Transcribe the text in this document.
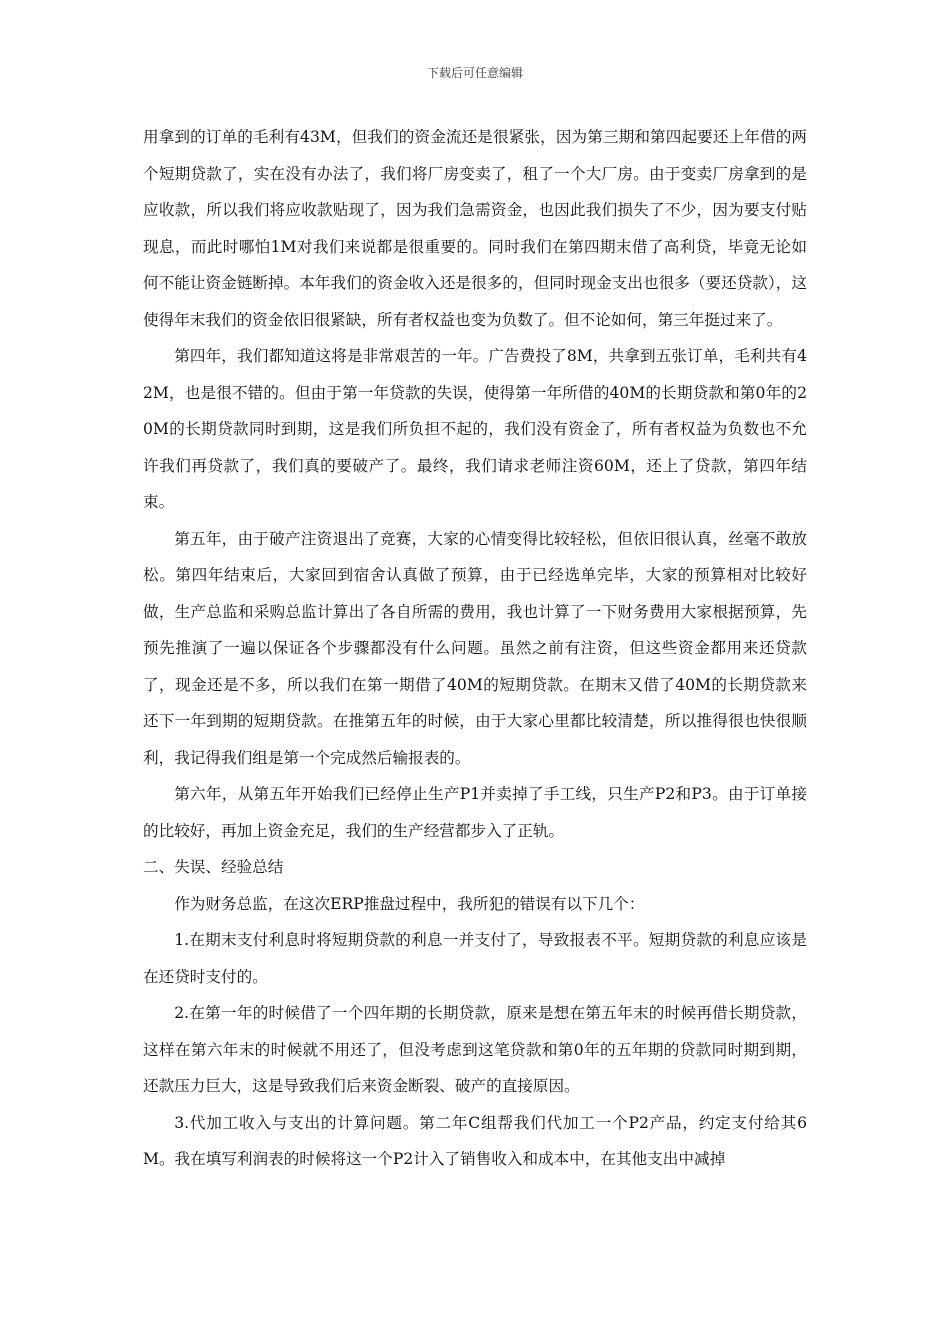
下载后可任意编辑

用拿到的订单的毛利有43M，但我们的资金流还是很紧张，因为第三期和第四起要还上年借的两个短期贷款了，实在没有办法了，我们将厂房变卖了，租了一个大厂房。由于变卖厂房拿到的是应收款，所以我们将应收款贴现了，因为我们急需资金，也因此我们损失了不少，因为要支付贴现息，而此时哪怕1M对我们来说都是很重要的。同时我们在第四期末借了高利贷，毕竟无论如何不能让资金链断掉。本年我们的资金收入还是很多的，但同时现金支出也很多（要还贷款），这使得年末我们的资金依旧很紧缺，所有者权益也变为负数了。但不论如何，第三年挺过来了。

第四年，我们都知道这将是非常艰苦的一年。广告费投了8M，共拿到五张订单，毛利共有42M，也是很不错的。但由于第一年贷款的失误，使得第一年所借的40M的长期贷款和第0年的20M的长期贷款同时到期，这是我们所负担不起的，我们没有资金了，所有者权益为负数也不允许我们再贷款了，我们真的要破产了。最终，我们请求老师注资60M，还上了贷款，第四年结束。

第五年，由于破产注资退出了竞赛，大家的心情变得比较轻松，但依旧很认真，丝毫不敢放松。第四年结束后，大家回到宿舍认真做了预算，由于已经选单完毕，大家的预算相对比较好做，生产总监和采购总监计算出了各自所需的费用，我也计算了一下财务费用大家根据预算，先预先推演了一遍以保证各个步骤都没有什么问题。虽然之前有注资，但这些资金都用来还贷款了，现金还是不多，所以我们在第一期借了40M的短期贷款。在期末又借了40M的长期贷款来还下一年到期的短期贷款。在推第五年的时候，由于大家心里都比较清楚，所以推得很也快很顺利，我记得我们组是第一个完成然后输报表的。

第六年，从第五年开始我们已经停止生产P1并卖掉了手工线，只生产P2和P3。由于订单接的比较好，再加上资金充足，我们的生产经营都步入了正轨。

二、失误、经验总结

作为财务总监，在这次ERP推盘过程中，我所犯的错误有以下几个：

1.在期末支付利息时将短期贷款的利息一并支付了，导致报表不平。短期贷款的利息应该是在还贷时支付的。

2.在第一年的时候借了一个四年期的长期贷款，原来是想在第五年末的时候再借长期贷款，这样在第六年末的时候就不用还了，但没考虑到这笔贷款和第0年的五年期的贷款同时期到期，还款压力巨大，这是导致我们后来资金断裂、破产的直接原因。

3.代加工收入与支出的计算问题。第二年C组帮我们代加工一个P2产品，约定支付给其6M。我在填写利润表的时候将这一个P2计入了销售收入和成本中，在其他支出中减掉
